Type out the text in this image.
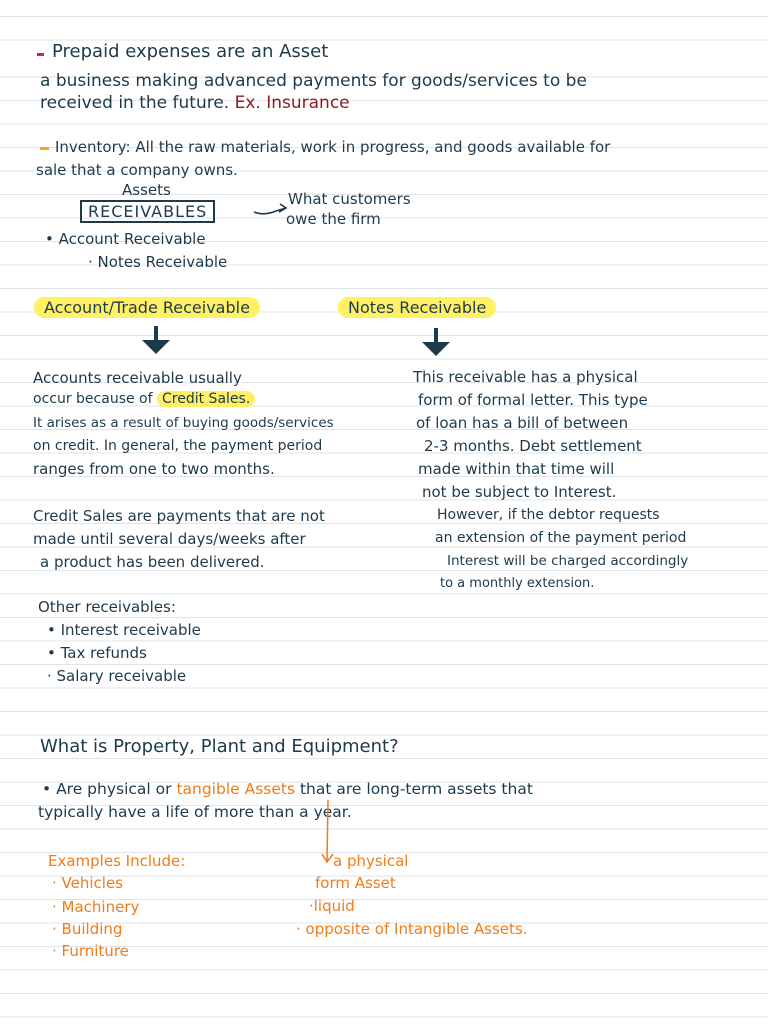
Prepaid expenses are an Asset
a business making advanced payments for goods/services to be
received in the future. Ex. Insurance
Inventory: All the raw materials, work in progress, and goods available for
sale that a company owns.
Assets
RECEIVABLES
What customers
owe the firm
• Account Receivable
· Notes Receivable
Account/Trade Receivable	Notes Receivable
Accounts receivable usually
occur because of Credit Sales.
It arises as a result of buying goods/services
on credit. In general, the payment period
ranges from one to two months.
Credit Sales are payments that are not
made until several days/weeks after
a product has been delivered.
This receivable has a physical
form of formal letter. This type
of loan has a bill of between
2-3 months. Debt settlement
made within that time will
not be subject to Interest.
However, if the debtor requests
an extension of the payment period
Interest will be charged accordingly
to a monthly extension.
Other receivables:
• Interest receivable
• Tax refunds
· Salary receivable
What is Property, Plant and Equipment?
• Are physical or tangible Assets that are long-term assets that
typically have a life of more than a year.
Examples Include:
· Vehicles
· Machinery
· Building
· Furniture
a physical
form Asset
·liquid
· opposite of Intangible Assets.
